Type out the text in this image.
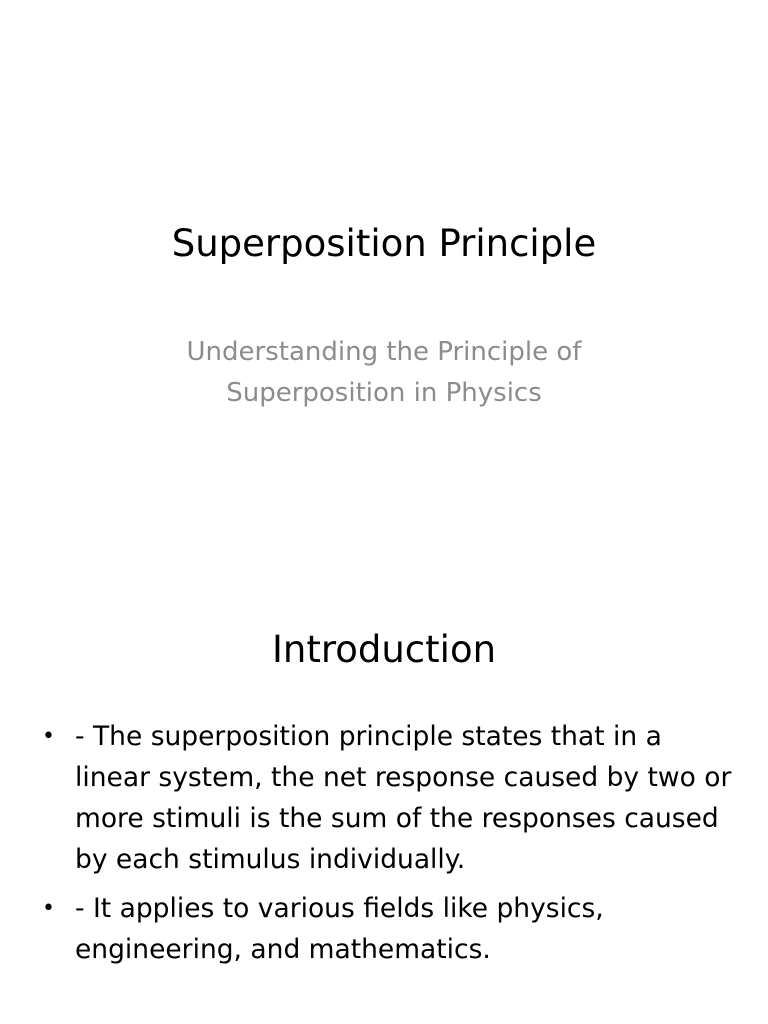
Superposition Principle

Understanding the Principle of Superposition in Physics

Introduction
• - The superposition principle states that in a linear system, the net response caused by two or more stimuli is the sum of the responses caused by each stimulus individually.
• - It applies to various fields like physics, engineering, and mathematics.
